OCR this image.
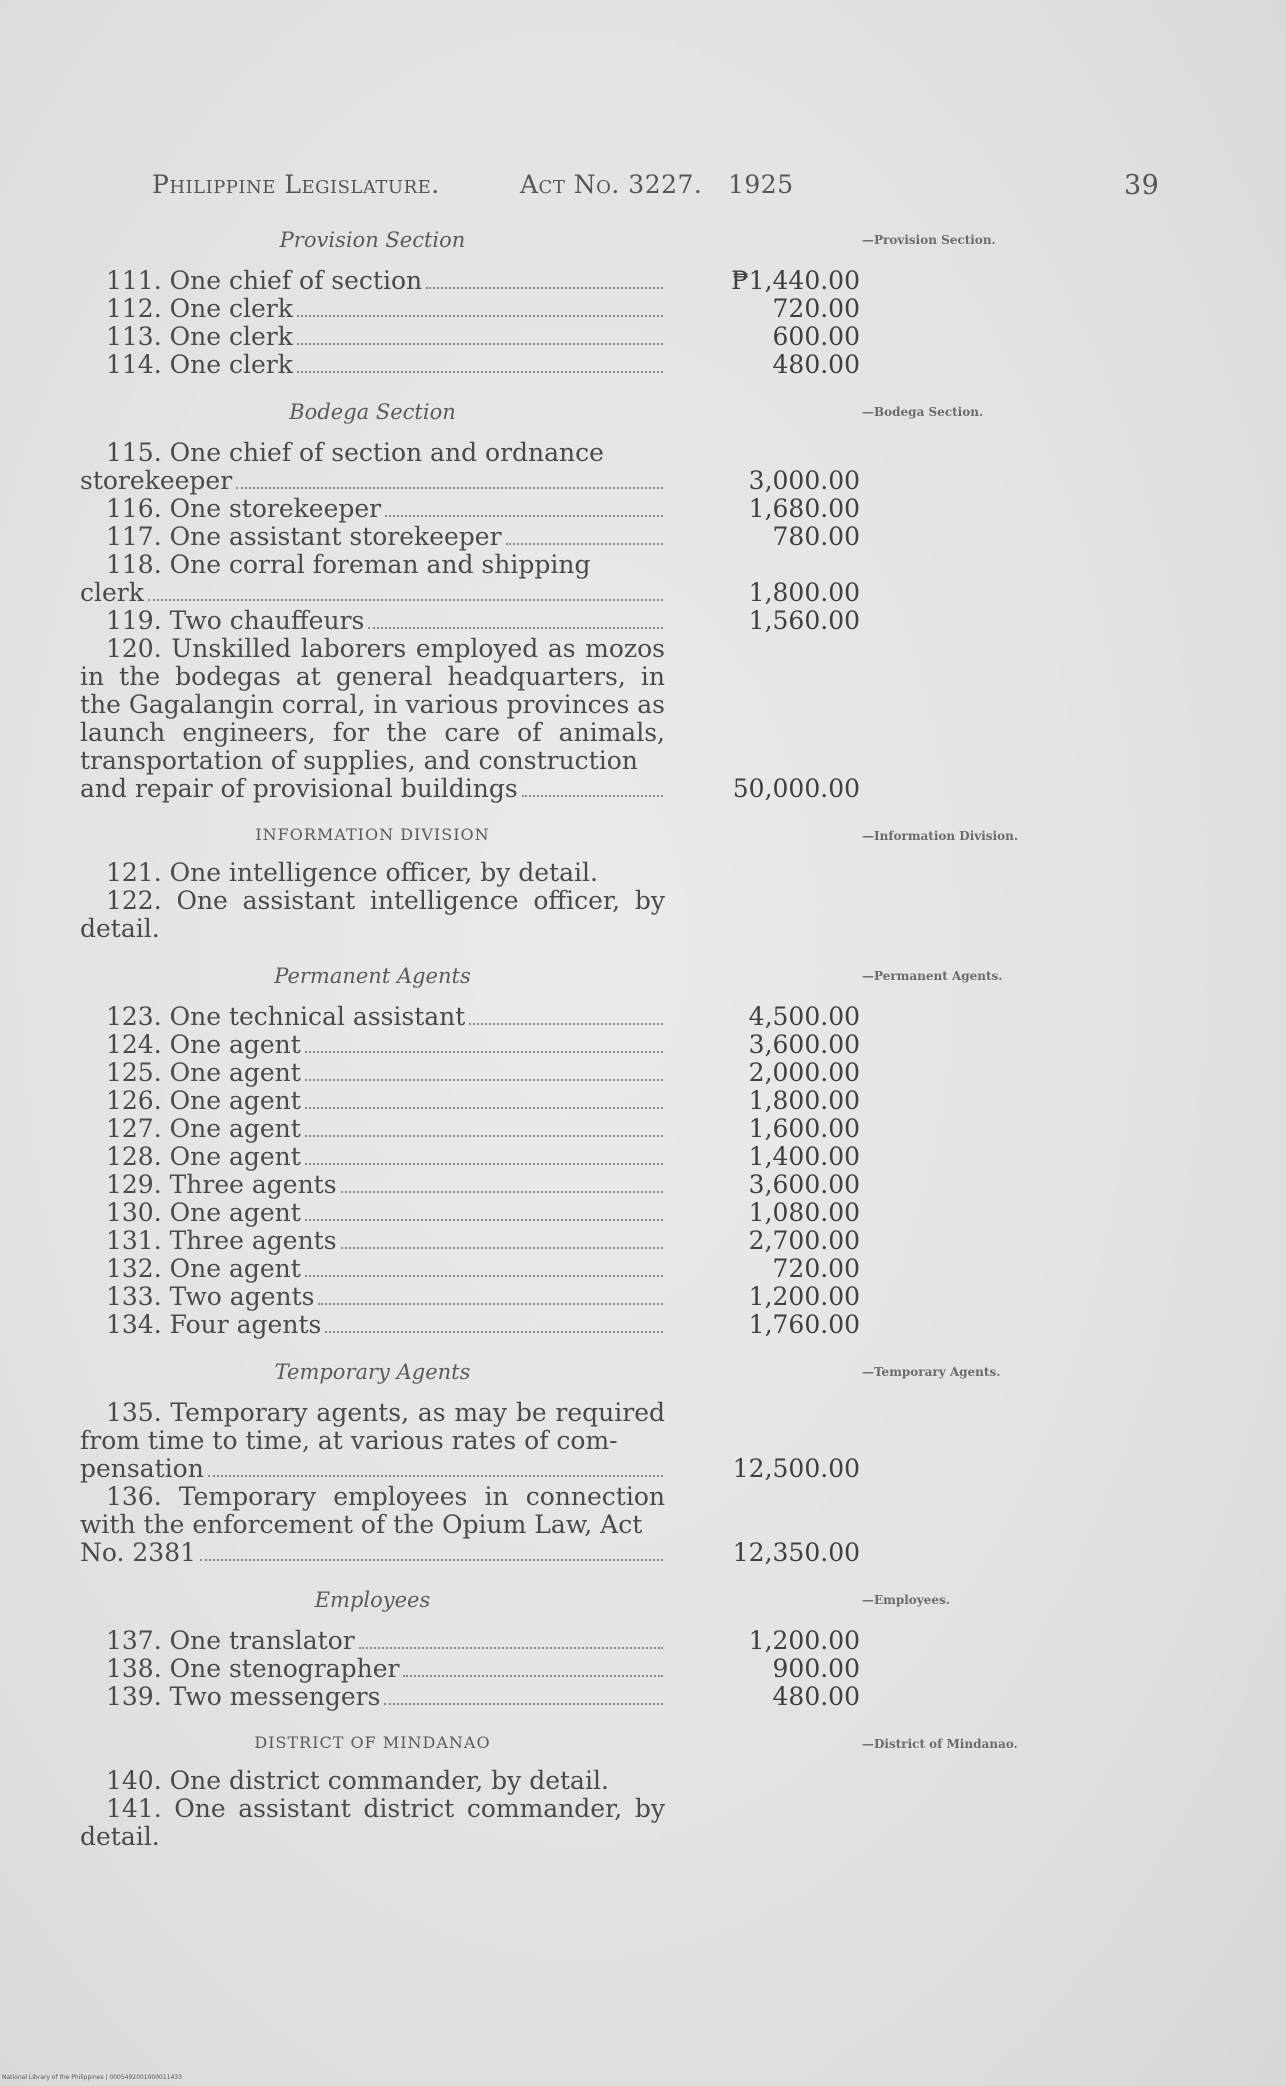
Philippine Legislature.	Act No. 3227. 1925	39
Provision Section
111. One chief of section	₱1,440.00
112. One clerk	720.00
113. One clerk	600.00
114. One clerk	480.00
Bodega Section
115. One chief of section and ordnance
storekeeper	3,000.00
116. One storekeeper	1,680.00
117. One assistant storekeeper	780.00
118. One corral foreman and shipping
clerk	1,800.00
119. Two chauffeurs	1,560.00
120. Unskilled laborers employed as mozos in the bodegas at general headquarters, in the Gagalangin corral, in various provinces as launch engineers, for the care of animals, transportation of supplies, and construction
and repair of provisional buildings	50,000.00
INFORMATION DIVISION
121. One intelligence officer, by detail.
122. One assistant intelligence officer, by detail.
Permanent Agents
123. One technical assistant	4,500.00
124. One agent	3,600.00
125. One agent	2,000.00
126. One agent	1,800.00
127. One agent	1,600.00
128. One agent	1,400.00
129. Three agents	3,600.00
130. One agent	1,080.00
131. Three agents	2,700.00
132. One agent	720.00
133. Two agents	1,200.00
134. Four agents	1,760.00
Temporary Agents
135. Temporary agents, as may be required from time to time, at various rates of com-
pensation	12,500.00
136. Temporary employees in connection with the enforcement of the Opium Law, Act
No. 2381	12,350.00
Employees
137. One translator	1,200.00
138. One stenographer	900.00
139. Two messengers	480.00
DISTRICT OF MINDANAO
140. One district commander, by detail.
141. One assistant district commander, by detail.
—Provision Section.
—Bodega Section.
—Information Division.
—Permanent Agents.
—Temporary Agents.
—Employees.
—District of Mindanao.
National Library of the Philippines | 0005492001000011433
